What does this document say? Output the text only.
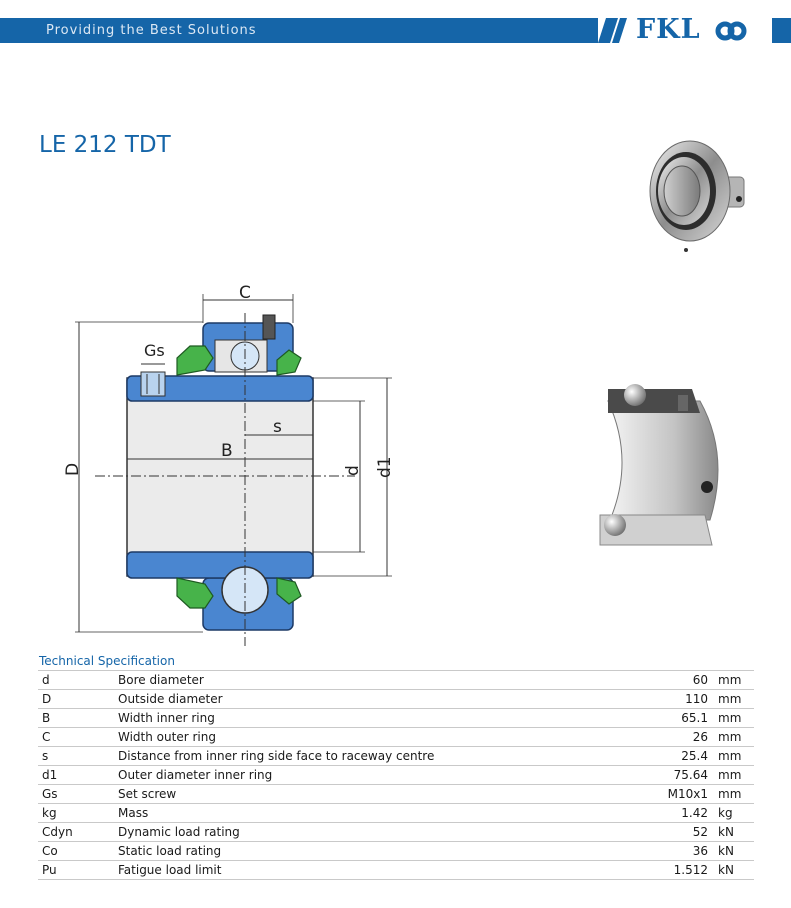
Providing the Best Solutions	FKL
LE 212 TDT
C
Gs
B
s
D	d d1
Technical Specification
d	Bore diameter	60	mm
D	Outside diameter	110	mm
B	Width inner ring	65.1	mm
C	Width outer ring	26	mm
s	Distance from inner ring side face to raceway centre	25.4	mm
d1	Outer diameter inner ring	75.64	mm
Gs	Set screw	M10x1	mm
kg	Mass	1.42	kg
Cdyn	Dynamic load rating	52	kN
Co	Static load rating	36	kN
Pu	Fatigue load limit	1.512	kN
